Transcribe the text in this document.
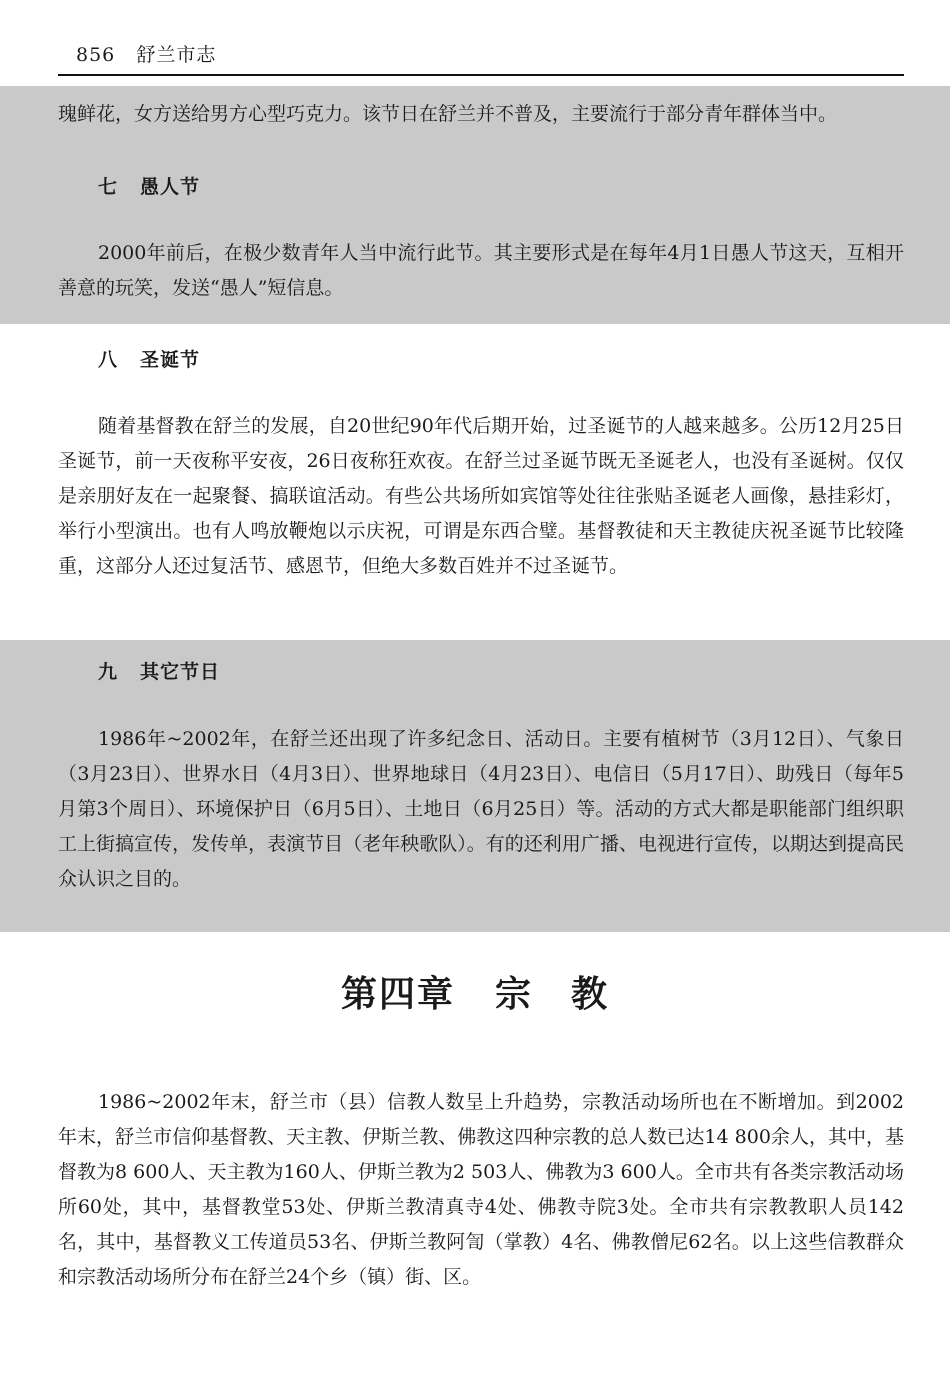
856 舒兰市志

瑰鲜花，女方送给男方心型巧克力。该节日在舒兰并不普及，主要流行于部分青年群体当中。

七 愚人节

2000年前后，在极少数青年人当中流行此节。其主要形式是在每年4月1日愚人节这天，互相开善意的玩笑，发送“愚人”短信息。

八 圣诞节

随着基督教在舒兰的发展，自20世纪90年代后期开始，过圣诞节的人越来越多。公历12月25日圣诞节，前一天夜称平安夜，26日夜称狂欢夜。在舒兰过圣诞节既无圣诞老人，也没有圣诞树。仅仅是亲朋好友在一起聚餐、搞联谊活动。有些公共场所如宾馆等处往往张贴圣诞老人画像，悬挂彩灯，举行小型演出。也有人鸣放鞭炮以示庆祝，可谓是东西合璧。基督教徒和天主教徒庆祝圣诞节比较隆重，这部分人还过复活节、感恩节，但绝大多数百姓并不过圣诞节。

九 其它节日

1986年~2002年，在舒兰还出现了许多纪念日、活动日。主要有植树节（3月12日）、气象日（3月23日）、世界水日（4月3日）、世界地球日（4月23日）、电信日（5月17日）、助残日（每年5月第3个周日）、环境保护日（6月5日）、土地日（6月25日）等。活动的方式大都是职能部门组织职工上街搞宣传，发传单，表演节目（老年秧歌队）。有的还利用广播、电视进行宣传，以期达到提高民众认识之目的。

第四章 宗　教

1986~2002年末，舒兰市（县）信教人数呈上升趋势，宗教活动场所也在不断增加。到2002年末，舒兰市信仰基督教、天主教、伊斯兰教、佛教这四种宗教的总人数已达14 800余人，其中，基督教为8 600人、天主教为160人、伊斯兰教为2 503人、佛教为3 600人。全市共有各类宗教活动场所60处，其中，基督教堂53处、伊斯兰教清真寺4处、佛教寺院3处。全市共有宗教教职人员142名，其中，基督教义工传道员53名、伊斯兰教阿訇（掌教）4名、佛教僧尼62名。以上这些信教群众和宗教活动场所分布在舒兰24个乡（镇）街、区。
